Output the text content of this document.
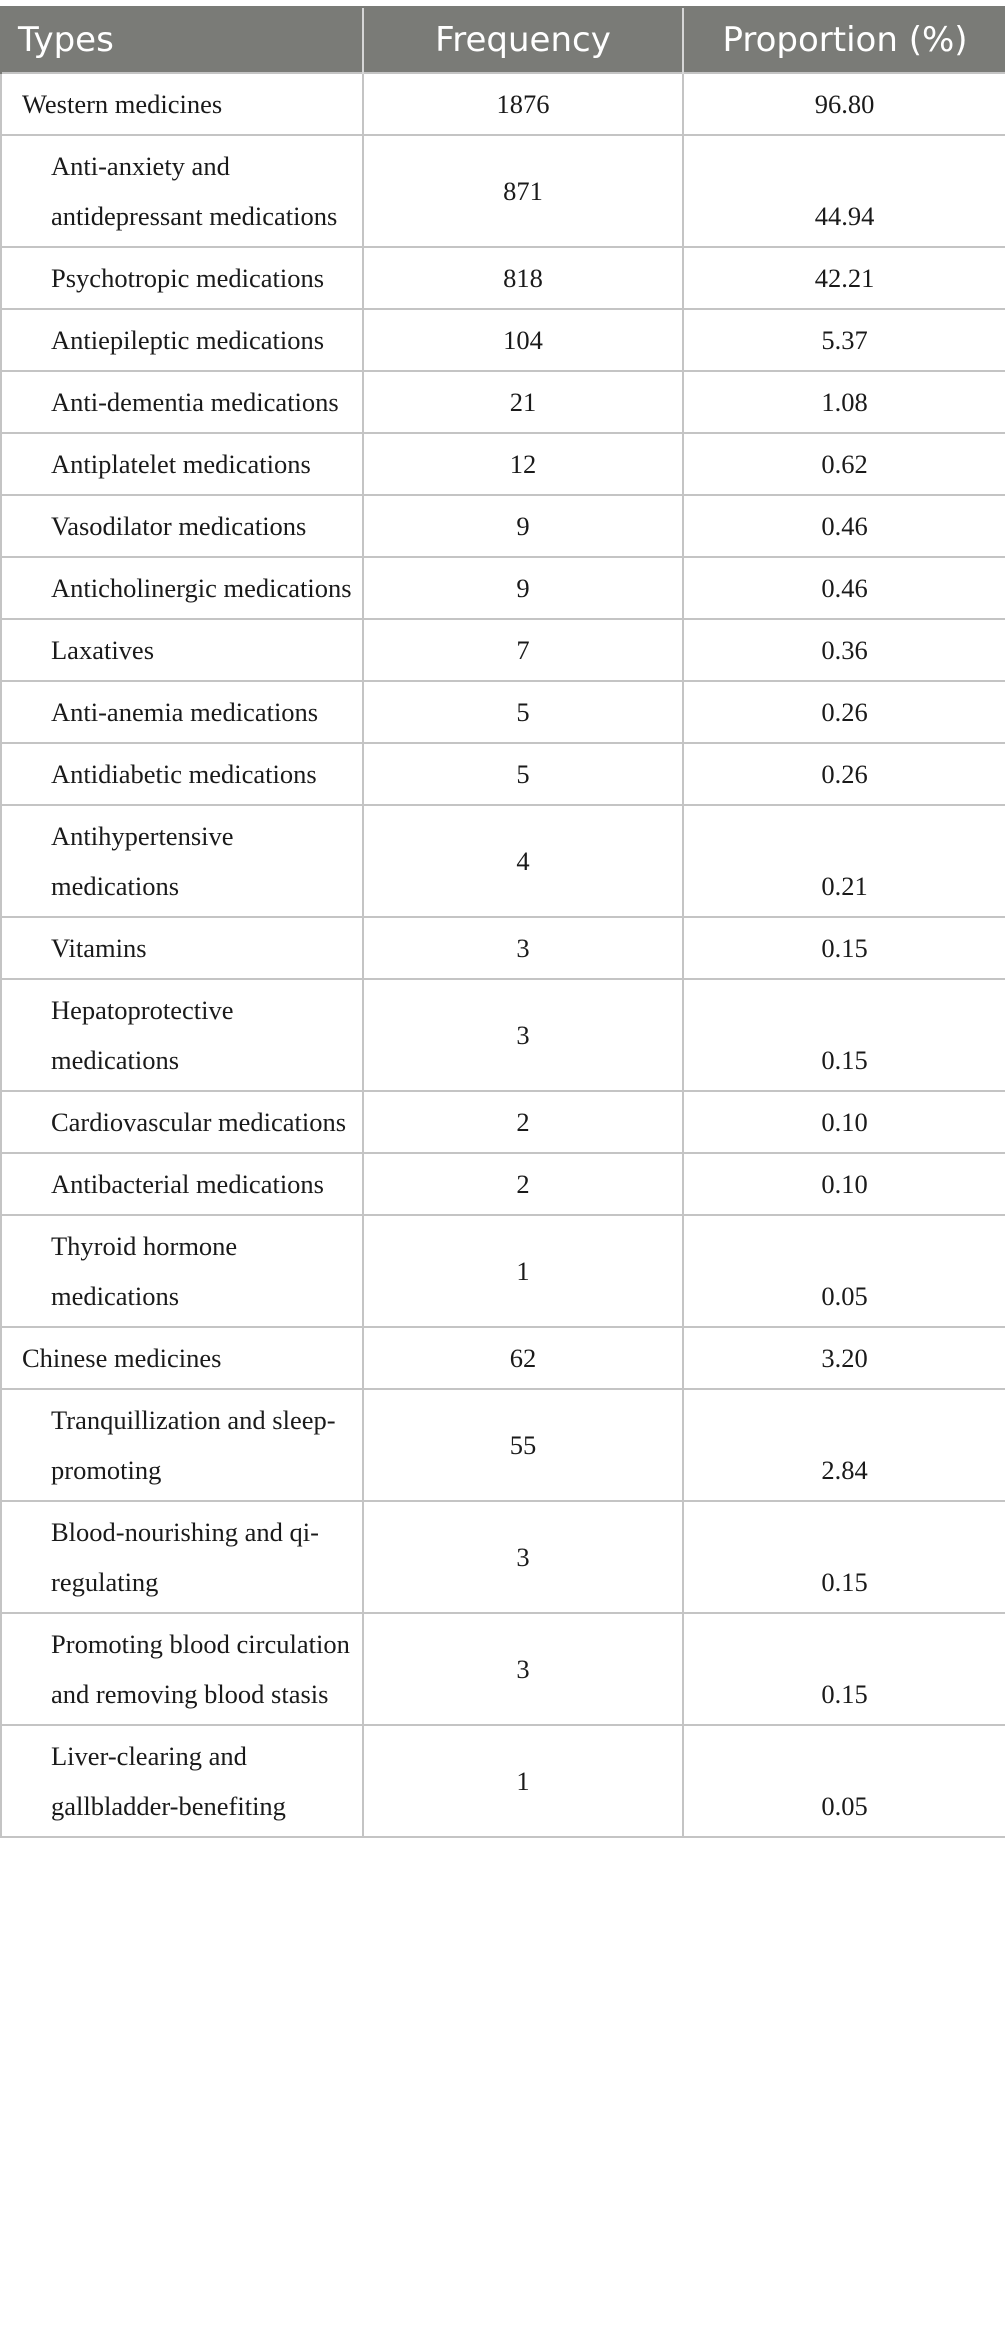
Types	Frequency	Proportion (%)
Western medicines	1876	96.80
Anti-anxiety and antidepressant medications	871	44.94
Psychotropic medications	818	42.21
Antiepileptic medications	104	5.37
Anti-dementia medications	21	1.08
Antiplatelet medications	12	0.62
Vasodilator medications	9	0.46
Anticholinergic medications	9	0.46
Laxatives	7	0.36
Anti-anemia medications	5	0.26
Antidiabetic medications	5	0.26
Antihypertensive medications	4	0.21
Vitamins	3	0.15
Hepatoprotective medications	3	0.15
Cardiovascular medications	2	0.10
Antibacterial medications	2	0.10
Thyroid hormone medications	1	0.05
Chinese medicines	62	3.20
Tranquillization and sleep-promoting	55	2.84
Blood-nourishing and qi-regulating	3	0.15
Promoting blood circulation and removing blood stasis	3	0.15
Liver-clearing and gallbladder-benefiting	1	0.05
